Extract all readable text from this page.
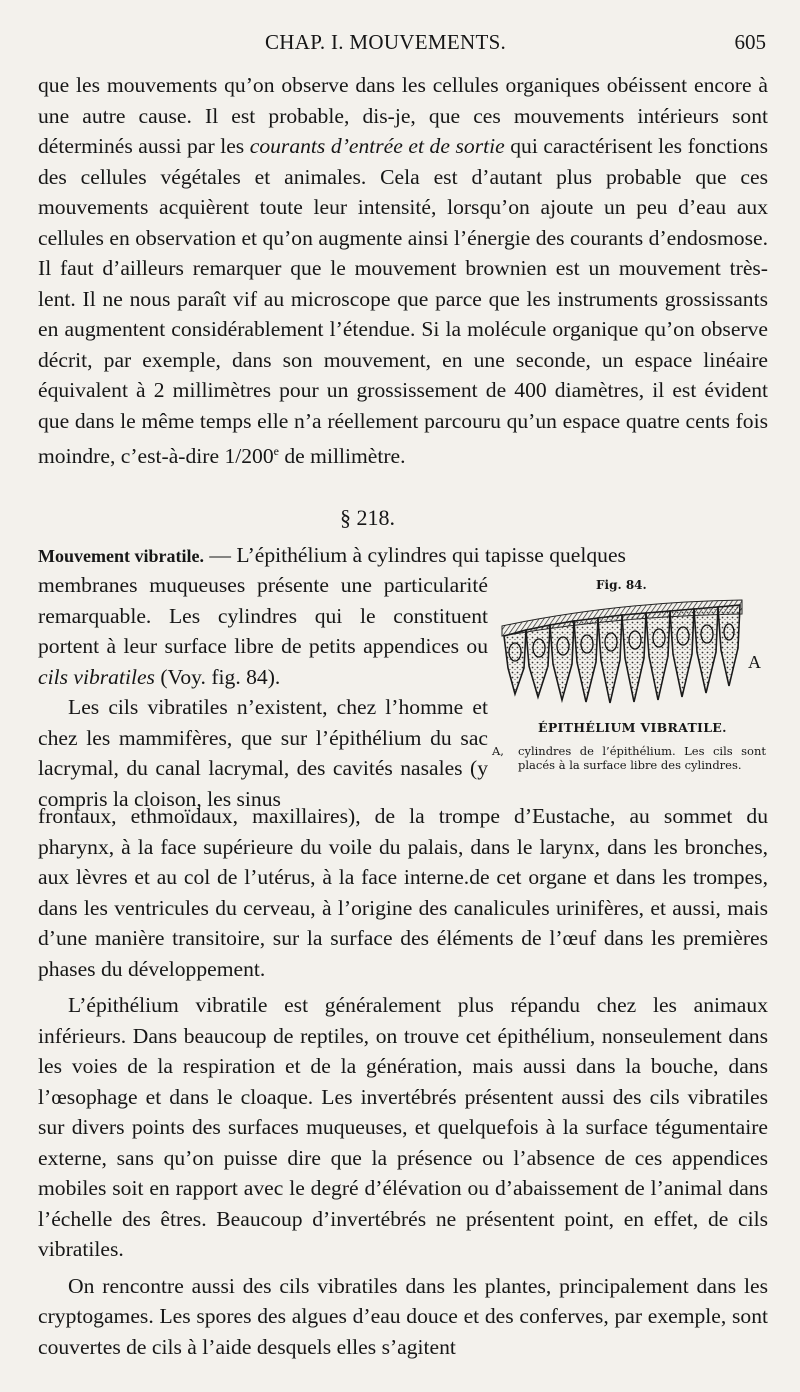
CHAP. I. MOUVEMENTS.	605

que les mouvements qu’on observe dans les cellules organiques obéissent encore à une autre cause. Il est probable, dis-je, que ces mouvements intérieurs sont déterminés aussi par les courants d’entrée et de sortie qui caractérisent les fonctions des cellules végétales et animales. Cela est d’autant plus probable que ces mouvements acquièrent toute leur intensité, lorsqu’on ajoute un peu d’eau aux cellules en observation et qu’on augmente ainsi l’énergie des courants d’endosmose. Il faut d’ailleurs remarquer que le mouvement brownien est un mouvement très-lent. Il ne nous paraît vif au microscope que parce que les instruments grossissants en augmentent considérablement l’étendue. Si la molécule organique qu’on observe décrit, par exemple, dans son mouvement, en une seconde, un espace linéaire équivalent à 2 millimètres pour un grossissement de 400 diamètres, il est évident que dans le même temps elle n’a réellement parcouru qu’un espace quatre cents fois moindre, c’est-à-dire 1/200e de millimètre.

§ 218.

Mouvement vibratile. — L’épithélium à cylindres qui tapisse quelques

membranes muqueuses présente une particularité remarquable. Les cylindres qui le constituent portent à leur surface libre de petits appendices ou cils vibratiles (Voy. fig. 84).

Les cils vibratiles n’existent, chez l’homme et chez les mammifères, que sur l’épithélium du sac lacrymal, du canal lacrymal, des cavités nasales (y compris la cloison, les sinus

Fig. 84.
A
ÉPITHÉLIUM VIBRATILE.
A,	cylindres de l’épithélium. Les cils sont placés à la surface libre des cylindres.

frontaux, ethmoïdaux, maxillaires), de la trompe d’Eustache, au sommet du pharynx, à la face supérieure du voile du palais, dans le larynx, dans les bronches, aux lèvres et au col de l’utérus, à la face interne.de cet organe et dans les trompes, dans les ventricules du cerveau, à l’origine des canalicules urinifères, et aussi, mais d’une manière transitoire, sur la surface des éléments de l’œuf dans les premières phases du développement.

L’épithélium vibratile est généralement plus répandu chez les animaux inférieurs. Dans beaucoup de reptiles, on trouve cet épithélium, nonseulement dans les voies de la respiration et de la génération, mais aussi dans la bouche, dans l’œsophage et dans le cloaque. Les invertébrés présentent aussi des cils vibratiles sur divers points des surfaces muqueuses, et quelquefois à la surface tégumentaire externe, sans qu’on puisse dire que la présence ou l’absence de ces appendices mobiles soit en rapport avec le degré d’élévation ou d’abaissement de l’animal dans l’échelle des êtres. Beaucoup d’invertébrés ne présentent point, en effet, de cils vibratiles.

On rencontre aussi des cils vibratiles dans les plantes, principalement dans les cryptogames. Les spores des algues d’eau douce et des conferves, par exemple, sont couvertes de cils à l’aide desquels elles s’agitent
